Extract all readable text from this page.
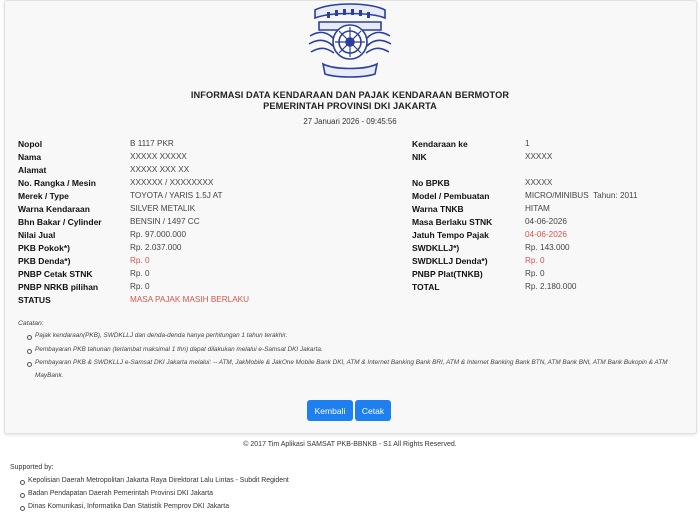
INFORMASI DATA KENDARAAN DAN PAJAK KENDARAAN BERMOTOR
PEMERINTAH PROVINSI DKI JAKARTA
27 Januari 2026 - 09:45:56
Nopol	B 1117 PKR
Nama	XXXXX XXXXX
Alamat	XXXXX XXX XX
No. Rangka / Mesin	XXXXXX / XXXXXXXX
Merek / Type	TOYOTA / YARIS 1.5J AT
Warna Kendaraan	SILVER METALIK
Bhn Bakar / Cylinder	BENSIN / 1497 CC
Nilai Jual	Rp. 97.000.000
PKB Pokok*)	Rp. 2.037.000
PKB Denda*)	Rp. 0
PNBP Cetak STNK	Rp. 0
PNBP NRKB pilihan	Rp. 0
STATUS	MASA PAJAK MASIH BERLAKU
Kendaraan ke	1
NIK	XXXXX
No BPKB	XXXXX
Model / Pembuatan	MICRO/MINIBUS  Tahun: 2011
Warna TNKB	HITAM
Masa Berlaku STNK	04-06-2026
Jatuh Tempo Pajak	04-06-2026
SWDKLLJ*)	Rp. 143.000
SWDKLLJ Denda*)	Rp. 0
PNBP Plat(TNKB)	Rp. 0
TOTAL	Rp. 2.180.000
Catatan:
Pajak kendaraan(PKB), SWDKLLJ dan denda-denda hanya perhitungan 1 tahun terakhir.
Pembayaran PKB tahunan (terlambat maksimal 1 thn) dapat dilakukan melalui e-Samsat DKI Jakarta.
Pembayaran PKB & SWDKLLJ e-Samsat DKI Jakarta melalui: -- ATM, JakMobile & JakOne Mobile Bank DKI, ATM & Internet Banking Bank BRI, ATM & Internet Banking Bank BTN, ATM Bank BNI, ATM Bank Bukopin & ATM MayBank.
Kembali	Cetak
© 2017 Tim Aplikasi SAMSAT PKB-BBNKB - S1 All Rights Reserved.
Supported by:
Kepolisian Daerah Metropolitan Jakarta Raya Direktorat Lalu Lintas - Subdit Regident
Badan Pendapatan Daerah Pemerintah Provinsi DKI Jakarta
Dinas Komunikasi, Informatika Dan Statistik Pemprov DKI Jakarta
